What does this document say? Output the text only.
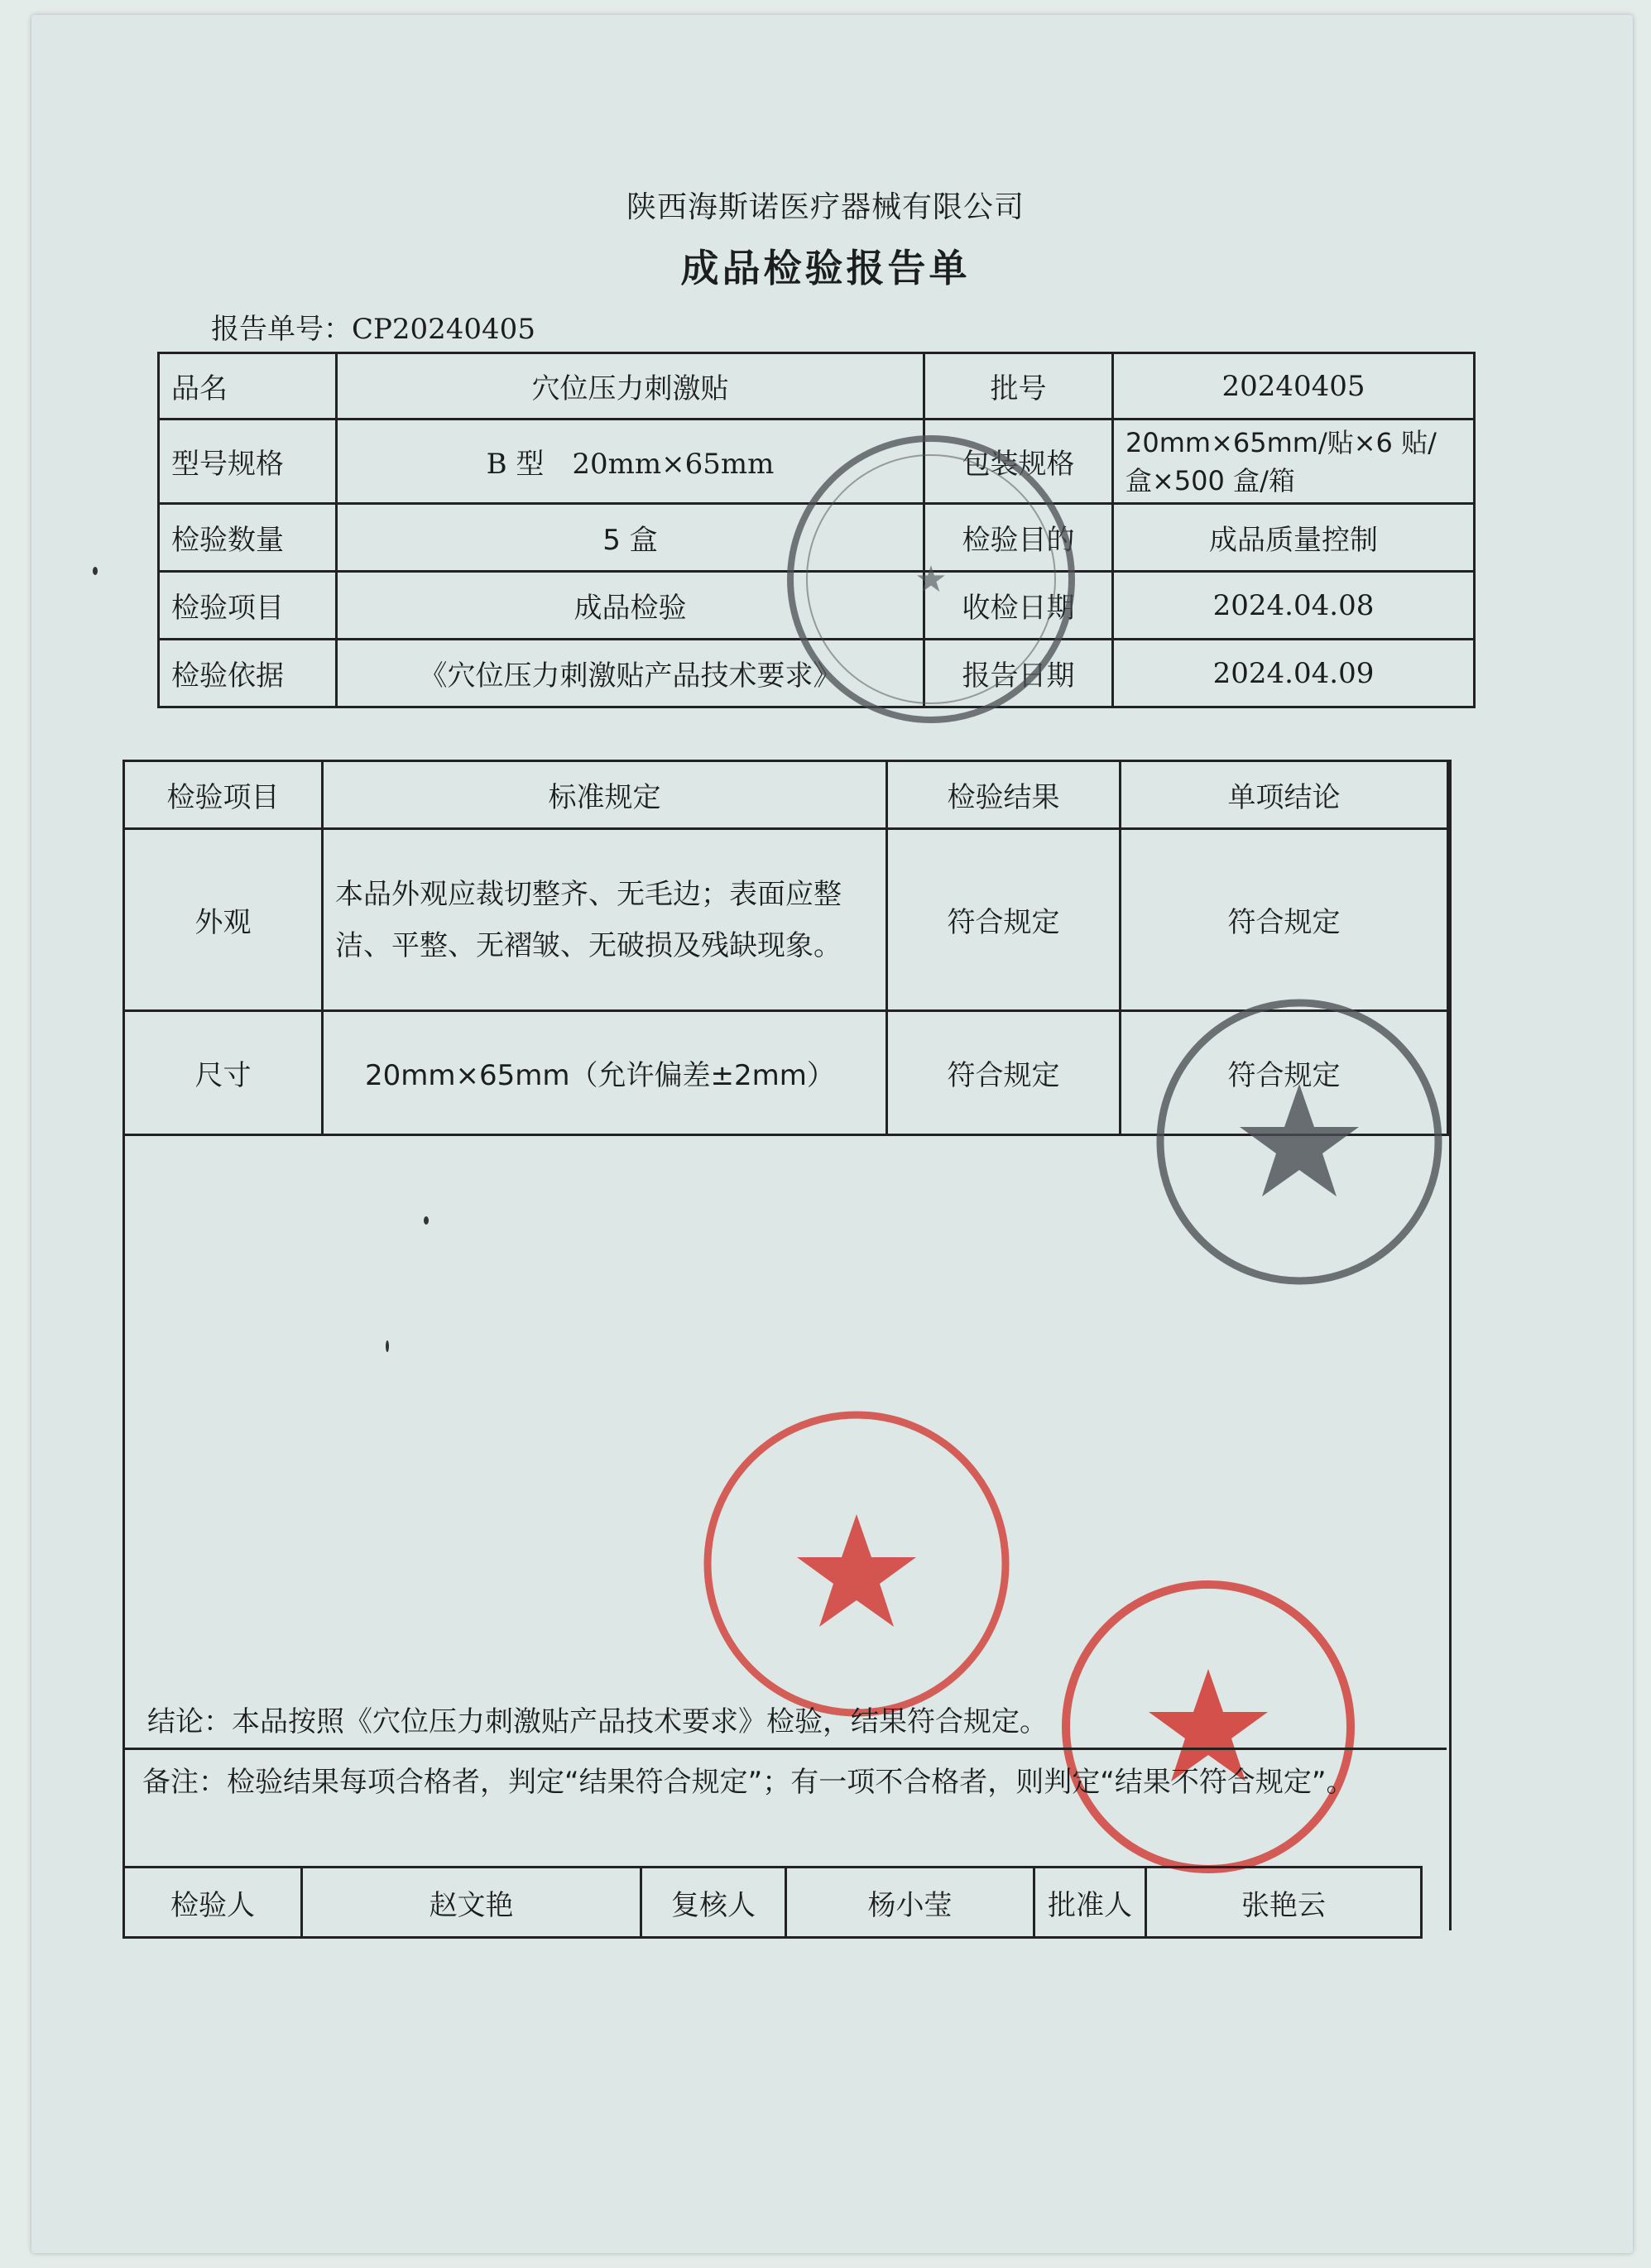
陕西海斯诺医疗器械有限公司
成品检验报告单
报告单号：CP20240405
品名	穴位压力刺激贴	批号	20240405
型号规格	B 型　20mm×65mm	包装规格	20mm×65mm/贴×6 贴/
盒×500 盒/箱

检验数量	5 盒	检验目的	成品质量控制
检验项目	成品检验	收检日期	2024.04.08
检验依据	《穴位压力刺激贴产品技术要求》	报告日期	2024.04.09
检验项目	标准规定	检验结果	单项结论
外观	本品外观应裁切整齐、无毛边；表面应整洁、平整、无褶皱、无破损及残缺现象。	符合规定	符合规定
尺寸	20mm×65mm（允许偏差±2mm）	符合规定	符合规定
★
结论：本品按照《穴位压力刺激贴产品技术要求》检验，结果符合规定。
备注：检验结果每项合格者，判定“结果符合规定”；有一项不合格者，则判定“结果不符合规定”。
检验人	赵文艳	复核人	杨小莹	批准人	张艳云
